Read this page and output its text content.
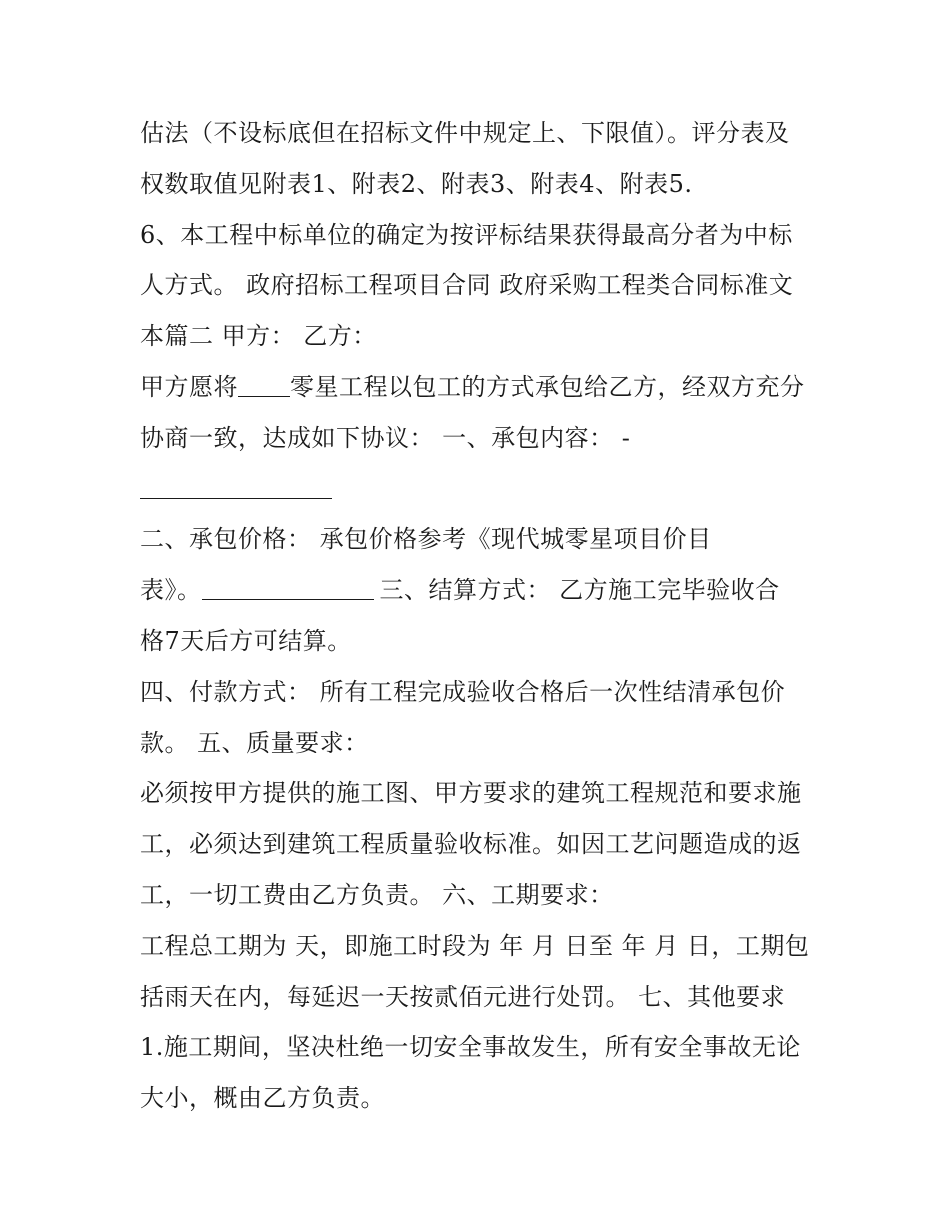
估法（不设标底但在招标文件中规定上、下限值）。评分表及
权数取值见附表1、附表2、附表3、附表4、附表5.
6、本工程中标单位的确定为按评标结果获得最高分者为中标
人方式。 政府招标工程项目合同 政府采购工程类合同标准文
本篇二 甲方： 乙方：
甲方愿将 零星工程以包工的方式承包给乙方，经双方充分
协商一致，达成如下协议： 一、承包内容： -
二、承包价格： 承包价格参考《现代城零星项目价目
表》。	三、结算方式： 乙方施工完毕验收合
格7天后方可结算。
四、付款方式： 所有工程完成验收合格后一次性结清承包价
款。 五、质量要求：
必须按甲方提供的施工图、甲方要求的建筑工程规范和要求施
工，必须达到建筑工程质量验收标准。如因工艺问题造成的返
工，一切工费由乙方负责。 六、工期要求：
工程总工期为 天，即施工时段为 年 月 日至 年 月 日，工期包
括雨天在内，每延迟一天按贰佰元进行处罚。 七、其他要求
1.施工期间，坚决杜绝一切安全事故发生，所有安全事故无论
大小，概由乙方负责。
